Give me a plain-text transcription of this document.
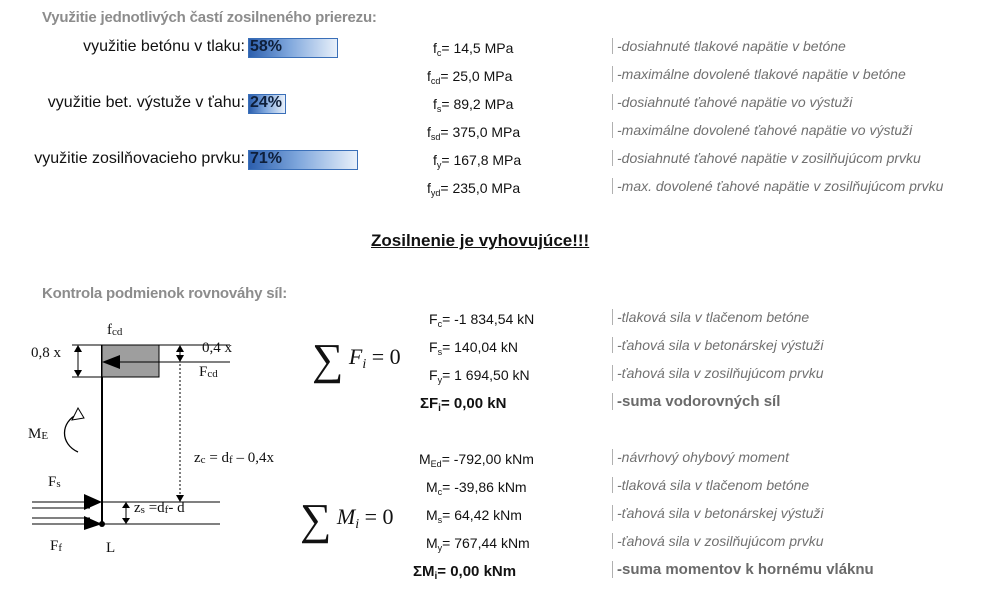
Využitie jednotlivých častí zosilneného prierezu:
využitie betónu v tlaku: 58%
využitie bet. výstuže v ťahu: 24%
využitie zosilňovacieho prvku: 71%
$f_c= 14,5$ MPa
$f_{cd}= 25,0$ MPa
$f_s= 89,2$ MPa
$f_{sd}= 375,0$ MPa
$f_y= 167,8$ MPa
$f_{yd}= 235,0$ MPa
-dosiahnuté tlakové napätie v betóne
-maximálne dovolené tlakové napätie v betóne
-dosiahnuté ťahové napätie vo výstuži
-maximálne dovolené ťahové napätie vo výstuži
-dosiahnuté ťahové napätie v zosilňujúcom prvku
-max. dovolené ťahové napätie v zosilňujúcom prvku
Zosilnenie je vyhovujúce!!!
Kontrola podmienok rovnováhy síl:
fcd
0,8 x	0,4 x
Fcd
ME
zc = df – 0,4x
Fs
zs =df- d
Ff	L
∑ Fi = 0
∑ Mi = 0
$F_c= -1$ 834,54 kN
$F_s= 140,04$ kN
$F_y= 1$ 694,50 kN
$\Sigma F_i= 0,00$ kN
-tlaková sila v tlačenom betóne
-ťahová sila v betonárskej výstuži
-ťahová sila v zosilňujúcom prvku
-suma vodorovných síl
$M_{Ed}= -792,00$ kNm
$M_c= -39,86$ kNm
$M_s= 64,42$ kNm
$M_y= 767,44$ kNm
$\Sigma M_i= 0,00$ kNm
-návrhový ohybový moment
-tlaková sila v tlačenom betóne
-ťahová sila v betonárskej výstuži
-ťahová sila v zosilňujúcom prvku
-suma momentov k hornému vláknu
